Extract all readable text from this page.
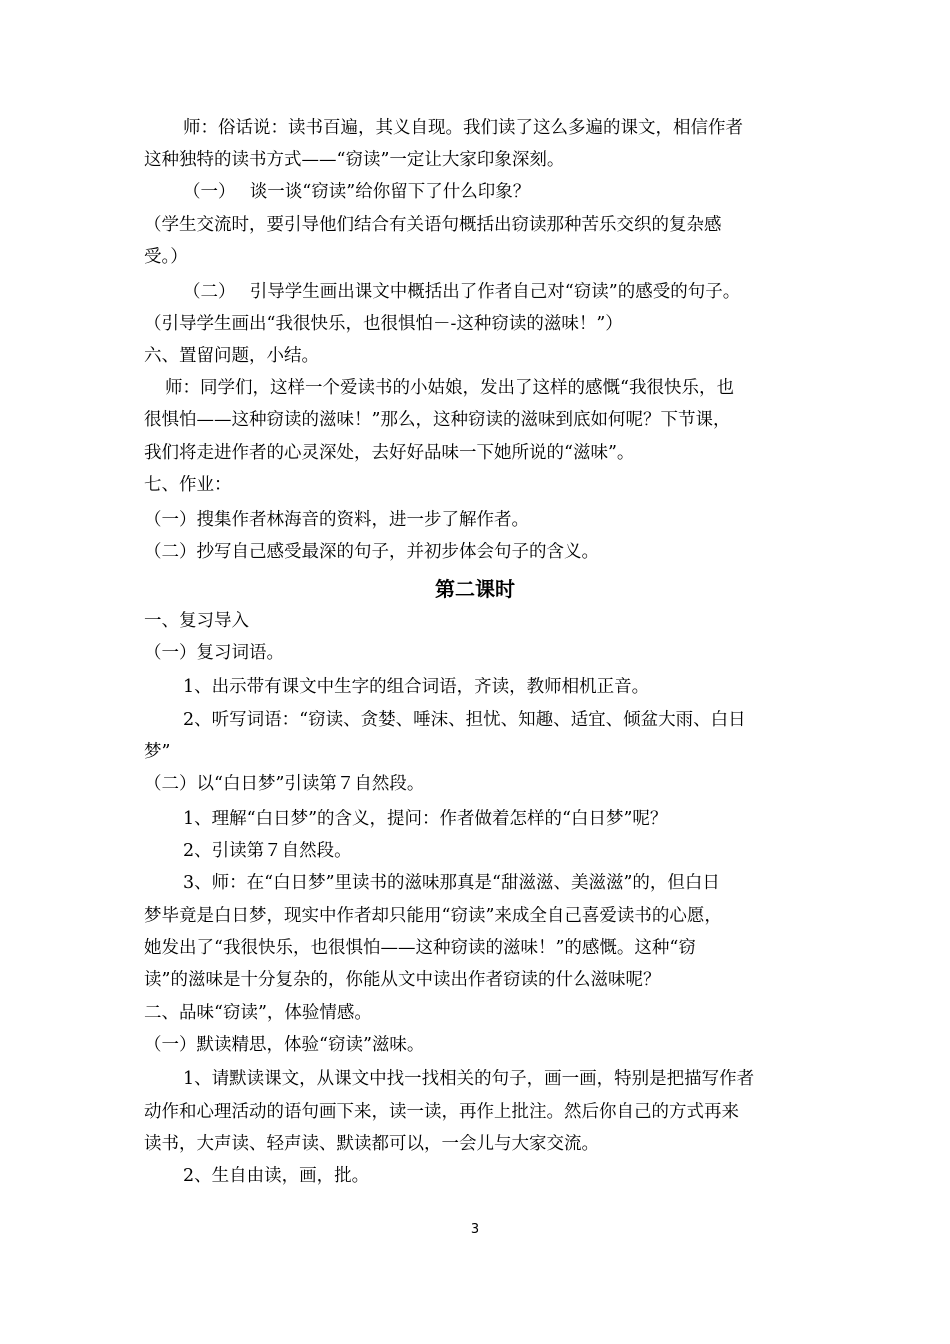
师：俗话说：读书百遍，其义自现。我们读了这么多遍的课文，相信作者

这种独特的读书方式——“窃读”一定让大家印象深刻。

（一）　 谈一谈“窃读”给你留下了什么印象？

（学生交流时，要引导他们结合有关语句概括出窃读那种苦乐交织的复杂感

受。）

（二）　 引导学生画出课文中概括出了作者自己对“窃读”的感受的句子。

（引导学生画出“我很快乐，也很惧怕－-这种窃读的滋味！”）

六、置留问题，小结。

师：同学们，这样一个爱读书的小姑娘，发出了这样的感慨“我很快乐，也

很惧怕——这种窃读的滋味！”那么，这种窃读的滋味到底如何呢？下节课，

我们将走进作者的心灵深处，去好好品味一下她所说的“滋味”。

七、作业：

（一）搜集作者林海音的资料，进一步了解作者。

（二）抄写自己感受最深的句子，并初步体会句子的含义。

第二课时

一、复习导入

（一）复习词语。

1、出示带有课文中生字的组合词语，齐读，教师相机正音。

2、听写词语：“窃读、贪婪、唾沫、担忧、知趣、适宜、倾盆大雨、白日

梦”

（二）以“白日梦”引读第７自然段。

1、理解“白日梦”的含义，提问：作者做着怎样的“白日梦”呢？

2、引读第７自然段。

3、师：在“白日梦”里读书的滋味那真是“甜滋滋、美滋滋”的，但白日

梦毕竟是白日梦，现实中作者却只能用“窃读”来成全自己喜爱读书的心愿，

她发出了“我很快乐，也很惧怕——这种窃读的滋味！”的感慨。这种“窃

读”的滋味是十分复杂的，你能从文中读出作者窃读的什么滋味呢？

二、品味“窃读”，体验情感。

（一）默读精思，体验“窃读”滋味。

1、请默读课文，从课文中找一找相关的句子，画一画，特别是把描写作者

动作和心理活动的语句画下来，读一读，再作上批注。然后你自己的方式再来

读书，大声读、轻声读、默读都可以，一会儿与大家交流。

2、生自由读，画，批。

3
